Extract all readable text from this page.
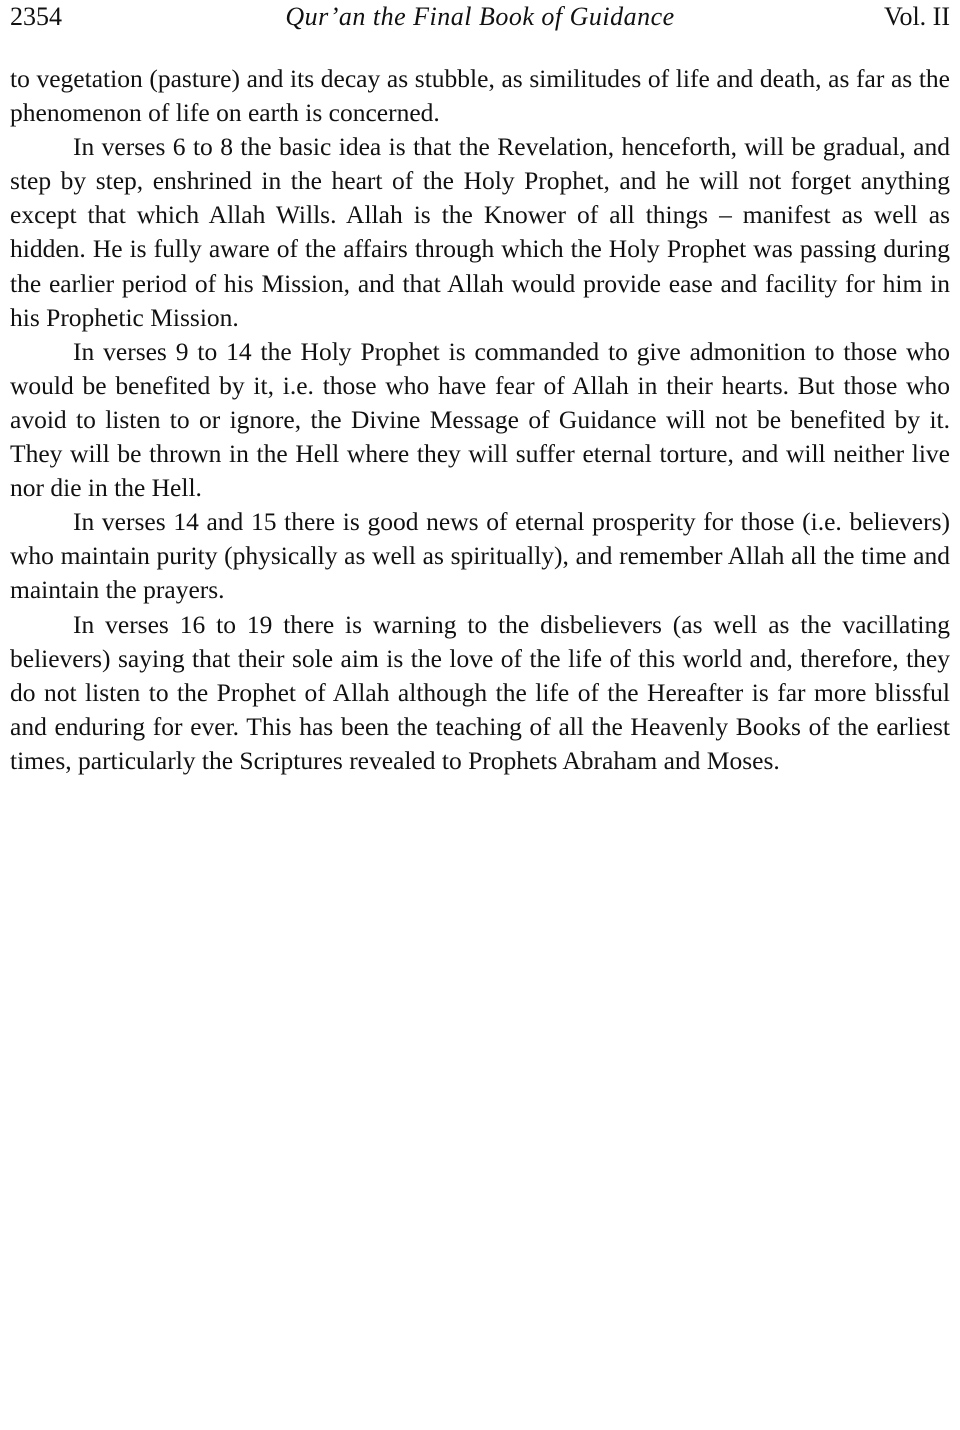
2354	Qur’an the Final Book of Guidance	Vol. II

to vegetation (pasture) and its decay as stubble, as similitudes of life and death, as far as the phenomenon of life on earth is concerned.

In verses 6 to 8 the basic idea is that the Revelation, henceforth, will be gradual, and step by step, enshrined in the heart of the Holy Prophet, and he will not forget anything except that which Allah Wills. Allah is the Knower of all things – manifest as well as hidden. He is fully aware of the affairs through which the Holy Prophet was passing during the earlier period of his Mission, and that Allah would provide ease and facility for him in his Prophetic Mission.

In verses 9 to 14 the Holy Prophet is commanded to give admonition to those who would be benefited by it, i.e. those who have fear of Allah in their hearts. But those who avoid to listen to or ignore, the Divine Message of Guidance will not be benefited by it. They will be thrown in the Hell where they will suffer eternal torture, and will neither live nor die in the Hell.

In verses 14 and 15 there is good news of eternal prosperity for those (i.e. believers) who maintain purity (physically as well as spiritually), and remember Allah all the time and maintain the prayers.

In verses 16 to 19 there is warning to the disbelievers (as well as the vacillating believers) saying that their sole aim is the love of the life of this world and, therefore, they do not listen to the Prophet of Allah although the life of the Hereafter is far more blissful and enduring for ever. This has been the teaching of all the Heavenly Books of the earliest times, particularly the Scriptures revealed to Prophets Abraham and Moses.
